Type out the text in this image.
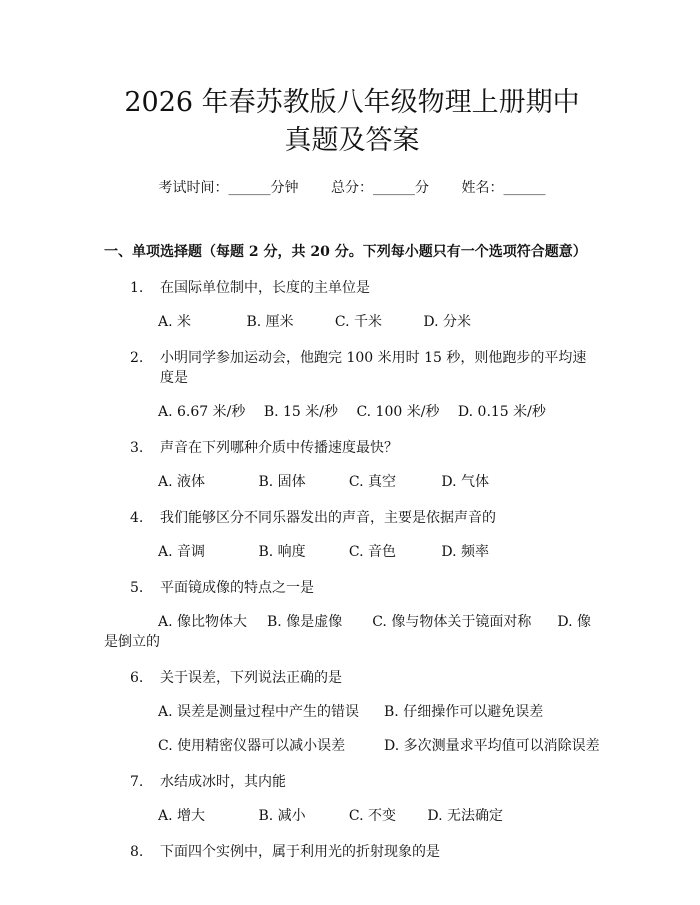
2026 年春苏教版八年级物理上册期中真题及答案
考试时间：______分钟 总分：______分 姓名：______
一、单项选择题（每题 2 分，共 20 分。下列每小题只有一个选项符合题意）
1. 在国际单位制中，长度的主单位是
A. 米	B. 厘米	C. 千米	D. 分米
2. 小明同学参加运动会，他跑完 100 米用时 15 秒，则他跑步的平均速度是
A. 6.67 米/秒 B. 15 米/秒 C. 100 米/秒 D. 0.15 米/秒
3. 声音在下列哪种介质中传播速度最快？
A. 液体	B. 固体	C. 真空	D. 气体
4. 我们能够区分不同乐器发出的声音，主要是依据声音的
A. 音调	B. 响度	C. 音色	D. 频率
5. 平面镜成像的特点之一是
A. 像比物体大 B. 像是虚像 C. 像与物体关于镜面对称 D. 像是倒立的
6. 关于误差，下列说法正确的是
A. 误差是测量过程中产生的错误 B. 仔细操作可以避免误差
C. 使用精密仪器可以减小误差	D. 多次测量求平均值可以消除误差
7. 水结成冰时，其内能
A. 增大	B. 减小	C. 不变 D. 无法确定
8. 下面四个实例中，属于利用光的折射现象的是
